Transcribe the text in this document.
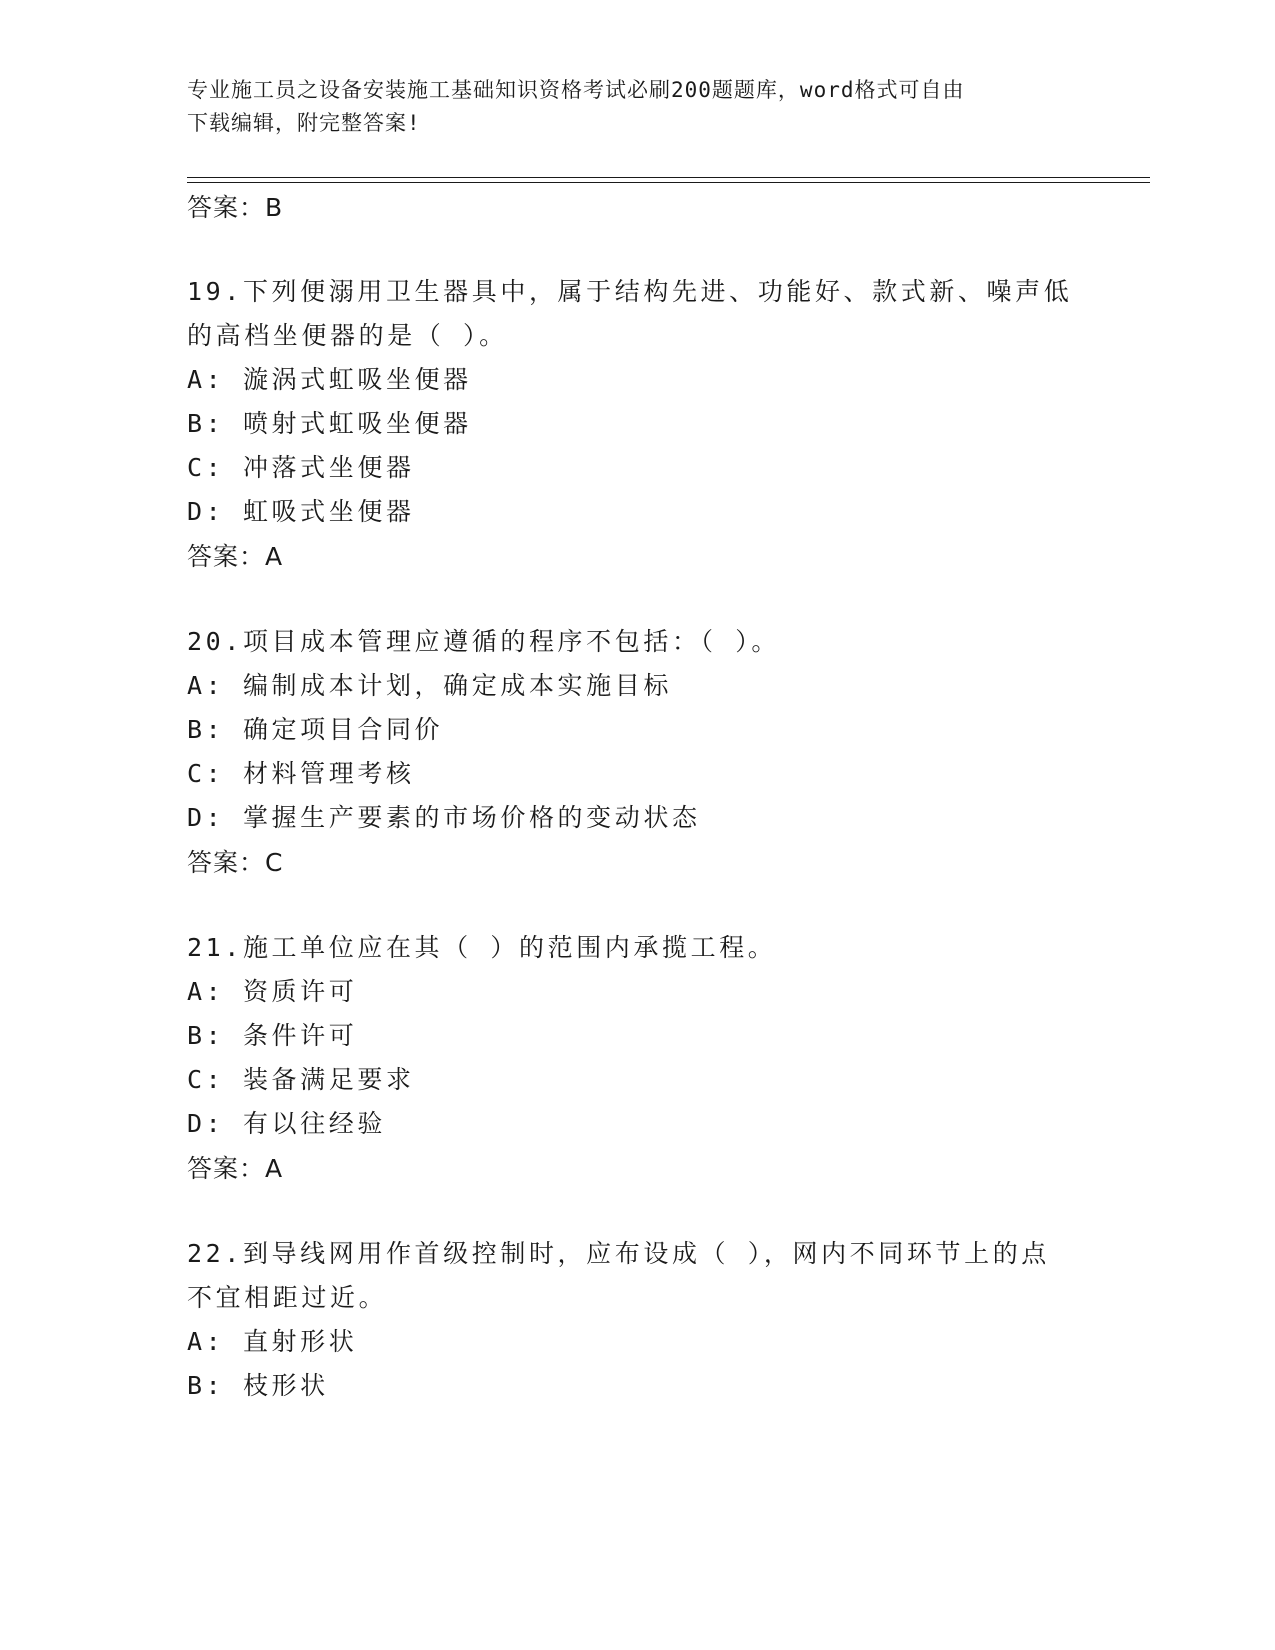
专业施工员之设备安装施工基础知识资格考试必刷200题题库，word格式可自由
下载编辑，附完整答案!
答案：B
19.下列便溺用卫生器具中，属于结构先进、功能好、款式新、噪声低
的高档坐便器的是（ ）。
A: 漩涡式虹吸坐便器
B: 喷射式虹吸坐便器
C: 冲落式坐便器
D: 虹吸式坐便器
答案：A
20.项目成本管理应遵循的程序不包括：（ ）。
A: 编制成本计划，确定成本实施目标
B: 确定项目合同价
C: 材料管理考核
D: 掌握生产要素的市场价格的变动状态
答案：C
21.施工单位应在其（ ）的范围内承揽工程。
A: 资质许可
B: 条件许可
C: 装备满足要求
D: 有以往经验
答案：A
22.到导线网用作首级控制时，应布设成（ ），网内不同环节上的点
不宜相距过近。
A: 直射形状
B: 枝形状
